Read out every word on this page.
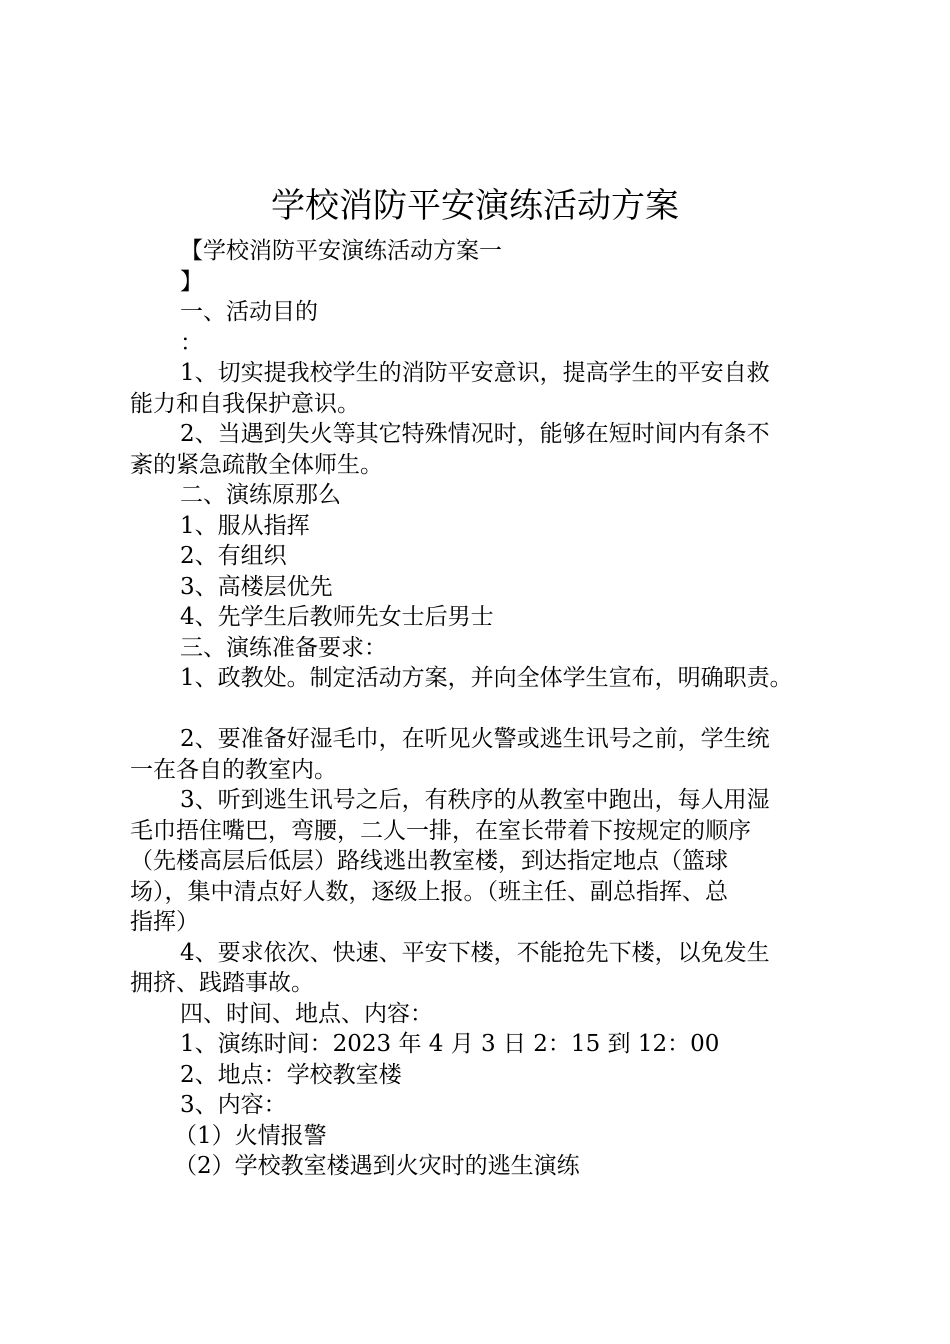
学校消防平安演练活动方案

【学校消防平安演练活动方案一

】

一、活动目的

：

1、切实提我校学生的消防平安意识，提高学生的平安自救

能力和自我保护意识。

2、当遇到失火等其它特殊情况时，能够在短时间内有条不

紊的紧急疏散全体师生。

二、演练原那么

1、服从指挥

2、有组织

3、高楼层优先

4、先学生后教师先女士后男士

三、演练准备要求：

1、政教处。制定活动方案，并向全体学生宣布，明确职责。

2、要准备好湿毛巾，在听见火警或逃生讯号之前，学生统

一在各自的教室内。

3、听到逃生讯号之后，有秩序的从教室中跑出，每人用湿

毛巾捂住嘴巴，弯腰，二人一排，在室长带着下按规定的顺序

（先楼高层后低层）路线逃出教室楼，到达指定地点（篮球

场），集中清点好人数，逐级上报。（班主任、副总指挥、总

指挥）

4、要求依次、快速、平安下楼，不能抢先下楼，以免发生

拥挤、践踏事故。

四、时间、地点、内容：

1、演练时间：2023 年 4 月 3 日 2：15 到 12：00

2、地点：学校教室楼

3、内容：

（1）火情报警

（2）学校教室楼遇到火灾时的逃生演练
